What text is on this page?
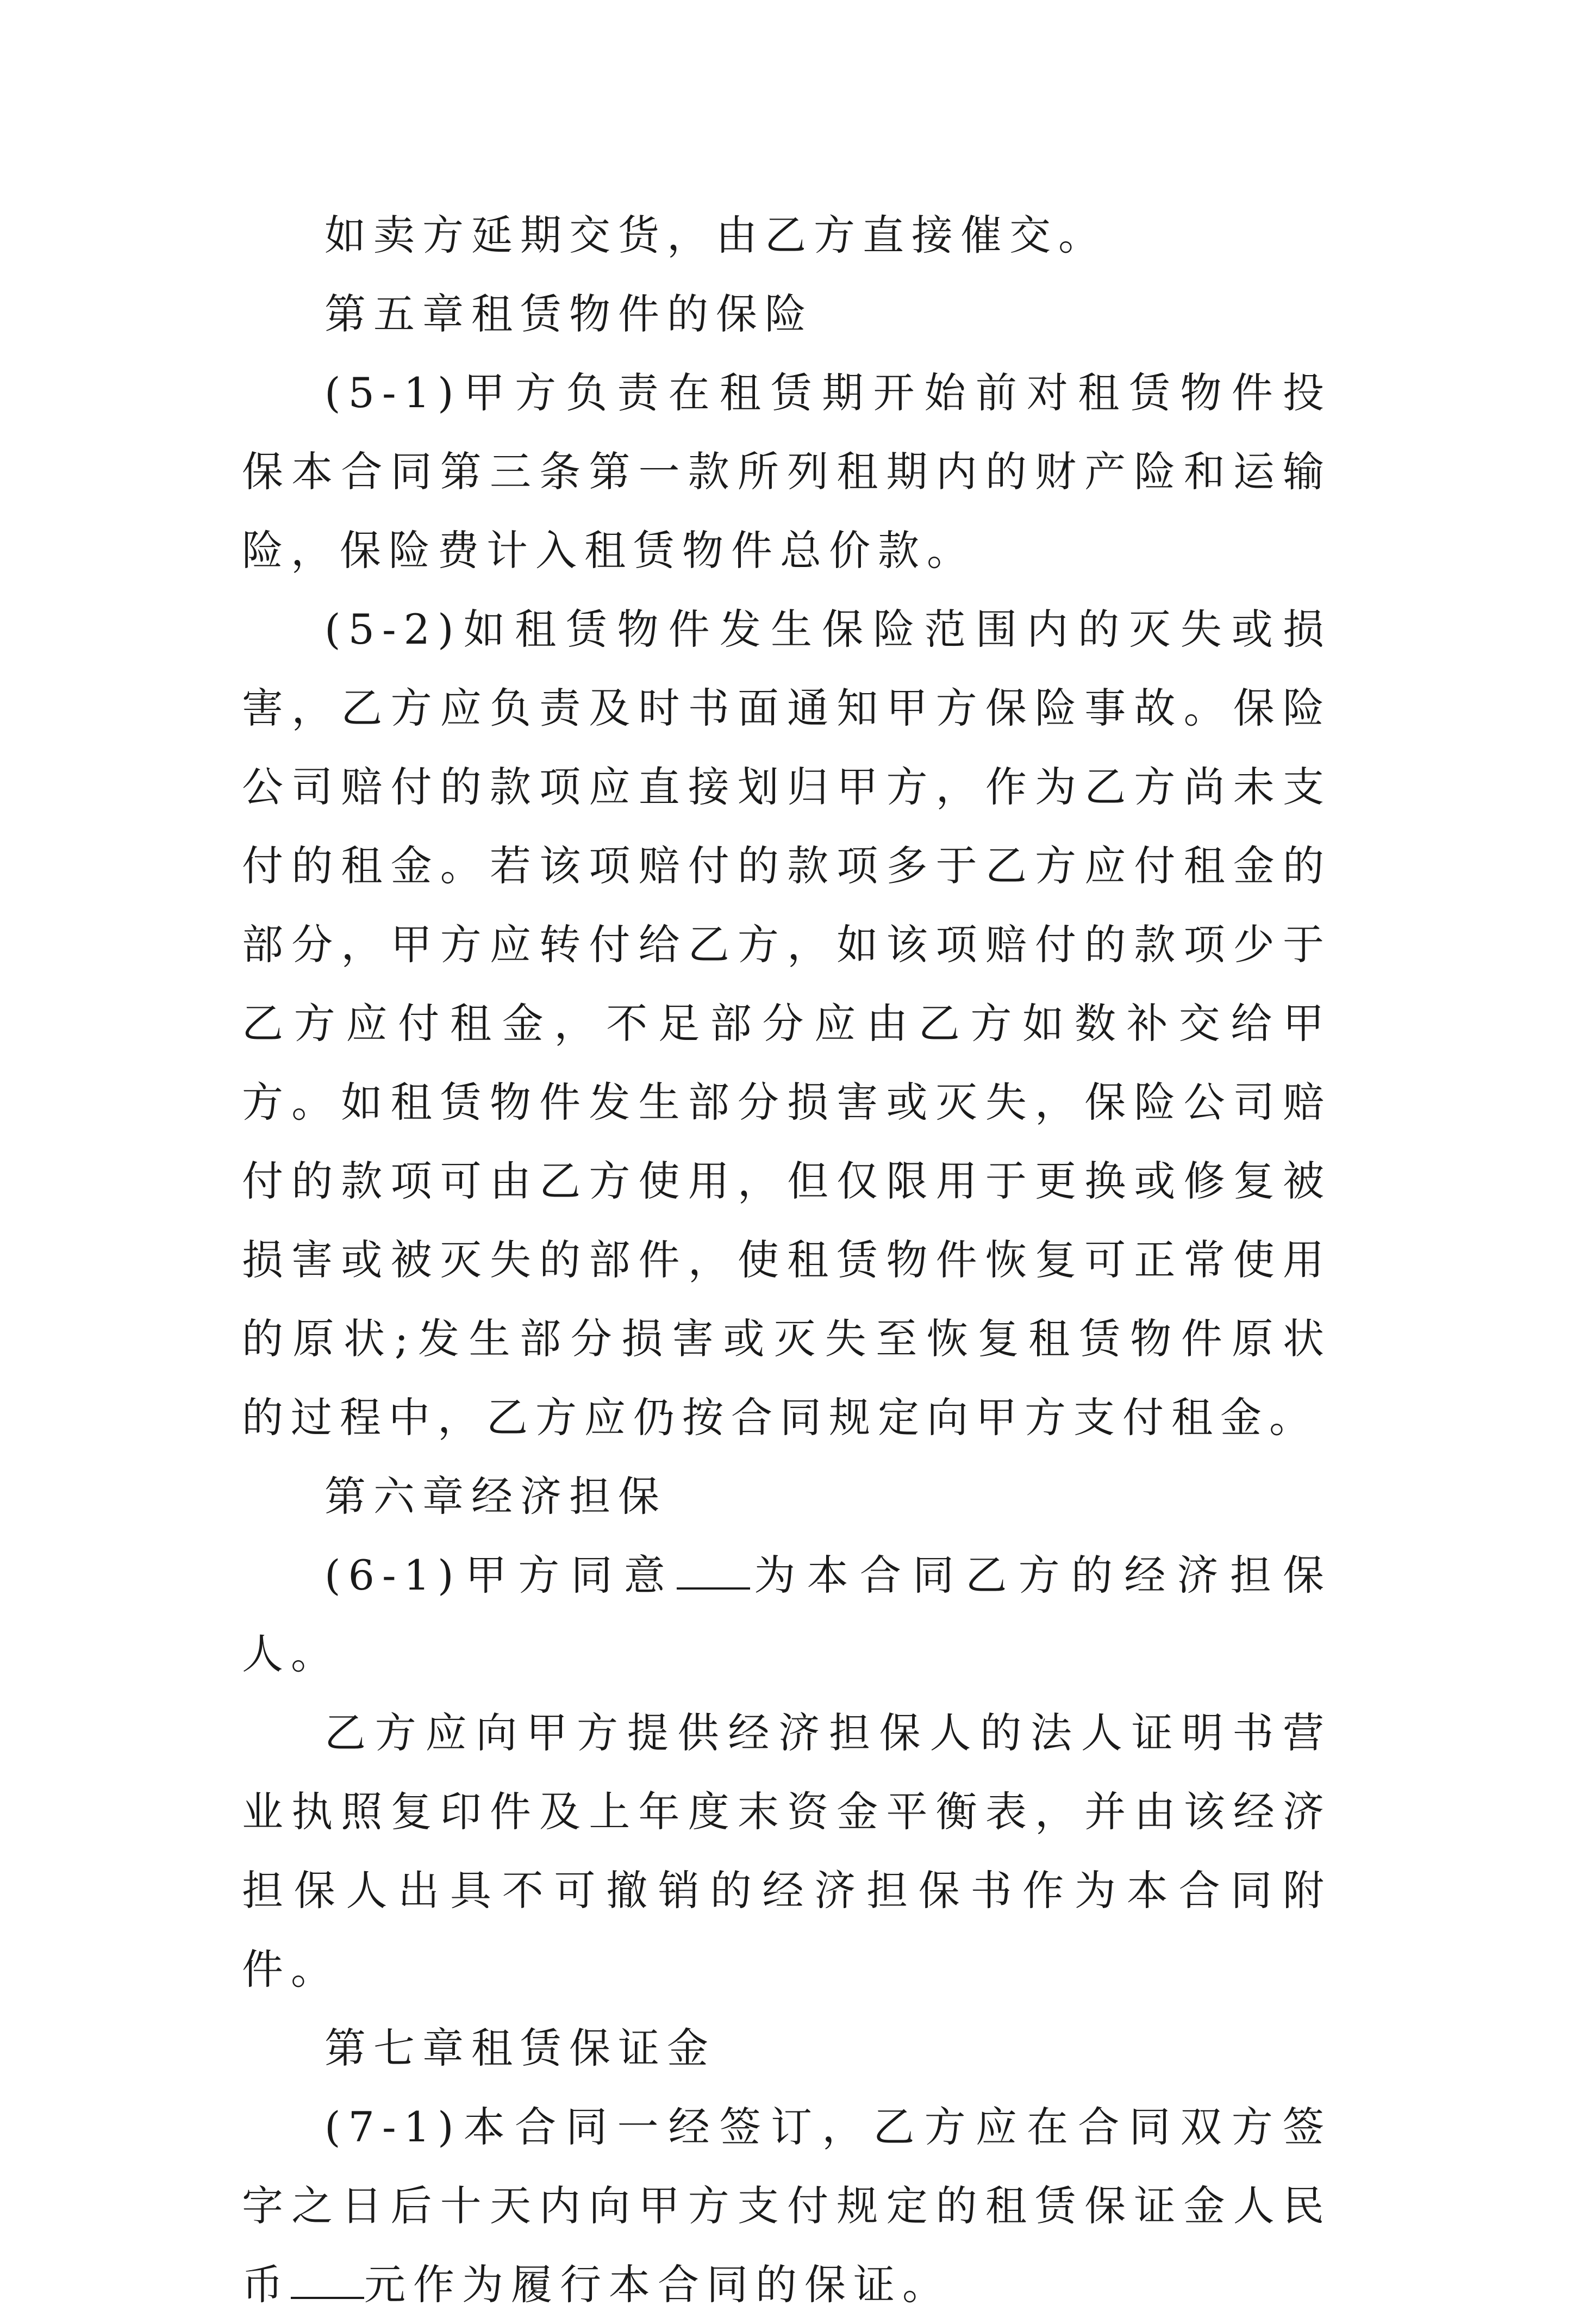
如卖方延期交货，由乙方直接催交。

第五章租赁物件的保险

(5-1)甲方负责在租赁期开始前对租赁物件投保本合同第三条第一款所列租期内的财产险和运输险，保险费计入租赁物件总价款。

(5-2)如租赁物件发生保险范围内的灭失或损害，乙方应负责及时书面通知甲方保险事故。保险公司赔付的款项应直接划归甲方，作为乙方尚未支付的租金。若该项赔付的款项多于乙方应付租金的部分，甲方应转付给乙方，如该项赔付的款项少于乙方应付租金，不足部分应由乙方如数补交给甲方。如租赁物件发生部分损害或灭失，保险公司赔付的款项可由乙方使用，但仅限用于更换或修复被损害或被灭失的部件，使租赁物件恢复可正常使用的原状;发生部分损害或灭失至恢复租赁物件原状的过程中，乙方应仍按合同规定向甲方支付租金。

第六章经济担保

(6-1)甲方同意 为本合同乙方的经济担保人。

乙方应向甲方提供经济担保人的法人证明书营业执照复印件及上年度末资金平衡表，并由该经济担保人出具不可撤销的经济担保书作为本合同附件。

第七章租赁保证金

(7-1)本合同一经签订，乙方应在合同双方签字之日后十天内向甲方支付规定的租赁保证金人民币 元作为履行本合同的保证。
